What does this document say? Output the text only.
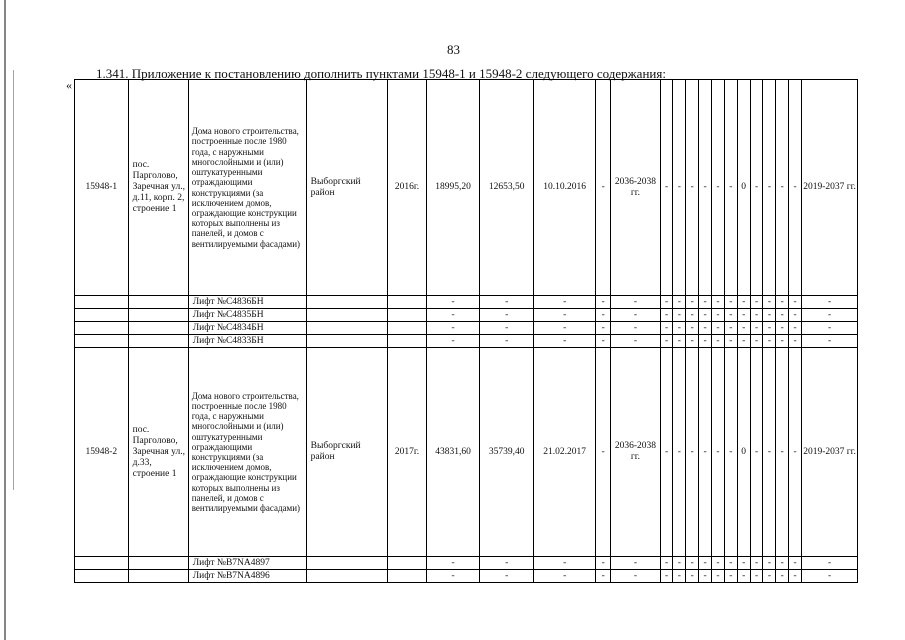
83
1.341. Приложение к постановлению дополнить пунктами 15948-1 и 15948-2 следующего содержания:
«
15948-1	пос. Парголово, Заречная ул., д.11, корп. 2, строение 1	Дома нового строительства, построенные после 1980 года, с наружными многослойными и (или) оштукатуренными отраждающими конструкциями (за исключением домов, ограждающие конструкции которых выполнены из панелей, и домов с вентилируемыми фасадами)	Выборгский район	2016г.	18995,20	12653,50	10.10.2016	-	2036-2038 гг.	-	-	-	-	-	-	0	-	-	-	-	2019-2037 гг.
		Лифт №С4836БН			-	-	-	-	-	-	-	-	-	-	-	-	-	-	-	-	-
		Лифт №С4835БН			-	-	-	-	-	-	-	-	-	-	-	-	-	-	-	-	-
		Лифт №С4834БН			-	-	-	-	-	-	-	-	-	-	-	-	-	-	-	-	-
		Лифт №С4833БН			-	-	-	-	-	-	-	-	-	-	-	-	-	-	-	-	-
15948-2	пос. Парголово, Заречная ул., д.33, строение 1	Дома нового строительства, построенные после 1980 года, с наружными многослойными и (или) оштукатуренными ограждающими конструкциями (за исключением домов, ограждающие конструкции которых выполнены из панелей, и домов с вентилируемыми фасадами)	Выборгский район	2017г.	43831,60	35739,40	21.02.2017	-	2036-2038 гг.	-	-	-	-	-	-	0	-	-	-	-	2019-2037 гг.
		Лифт №В7NA4897			-	-	-	-	-	-	-	-	-	-	-	-	-	-	-	-	-
		Лифт №В7NA4896			-	-	-	-	-	-	-	-	-	-	-	-	-	-	-	-	-
